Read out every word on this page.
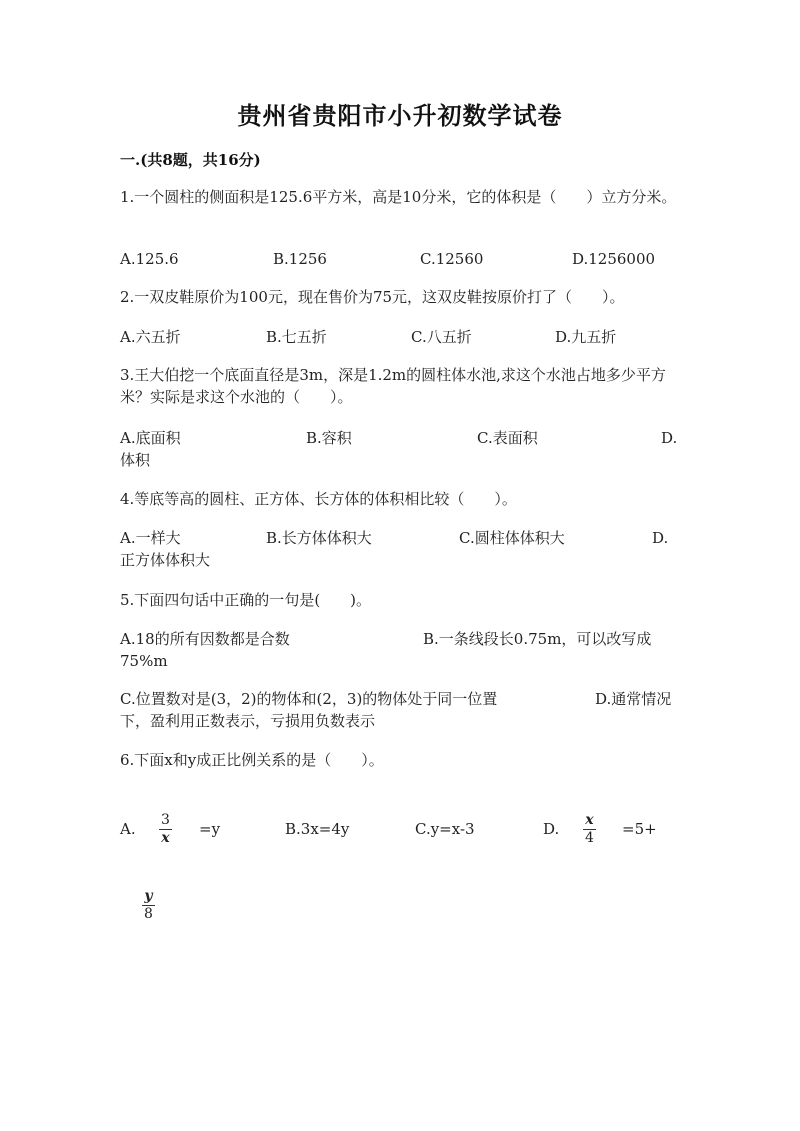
贵州省贵阳市小升初数学试卷
一.(共8题，共16分)
1.一个圆柱的侧面积是125.6平方米，高是10分米，它的体积是（　　）立方分米。
A.125.6	B.1256	C.12560	D.1256000
2.一双皮鞋原价为100元，现在售价为75元，这双皮鞋按原价打了（　　）。
A.六五折	B.七五折	C.八五折	D.九五折
3.王大伯挖一个底面直径是3m，深是1.2m的圆柱体水池,求这个水池占地多少平方米？实际是求这个水池的（　　）。
A.底面积	B.容积	C.表面积	D.
体积
4.等底等高的圆柱、正方体、长方体的体积相比较（　　）。
A.一样大	B.长方体体积大	C.圆柱体体积大	D.
正方体体积大
5.下面四句话中正确的一句是(　　)。
A.18的所有因数都是合数	B.一条线段长0.75m，可以改写成
75%m
C.位置数对是(3，2)的物体和(2，3)的物体处于同一位置	D.通常情况
下，盈利用正数表示，亏损用负数表示
6.下面x和y成正比例关系的是（　　）。
A.	=y	B.3x=4y	C.y=x-3	D.	=5+
$\frac{3}{x}$	$\frac{x}{4}$
$\frac{y}{8}$
